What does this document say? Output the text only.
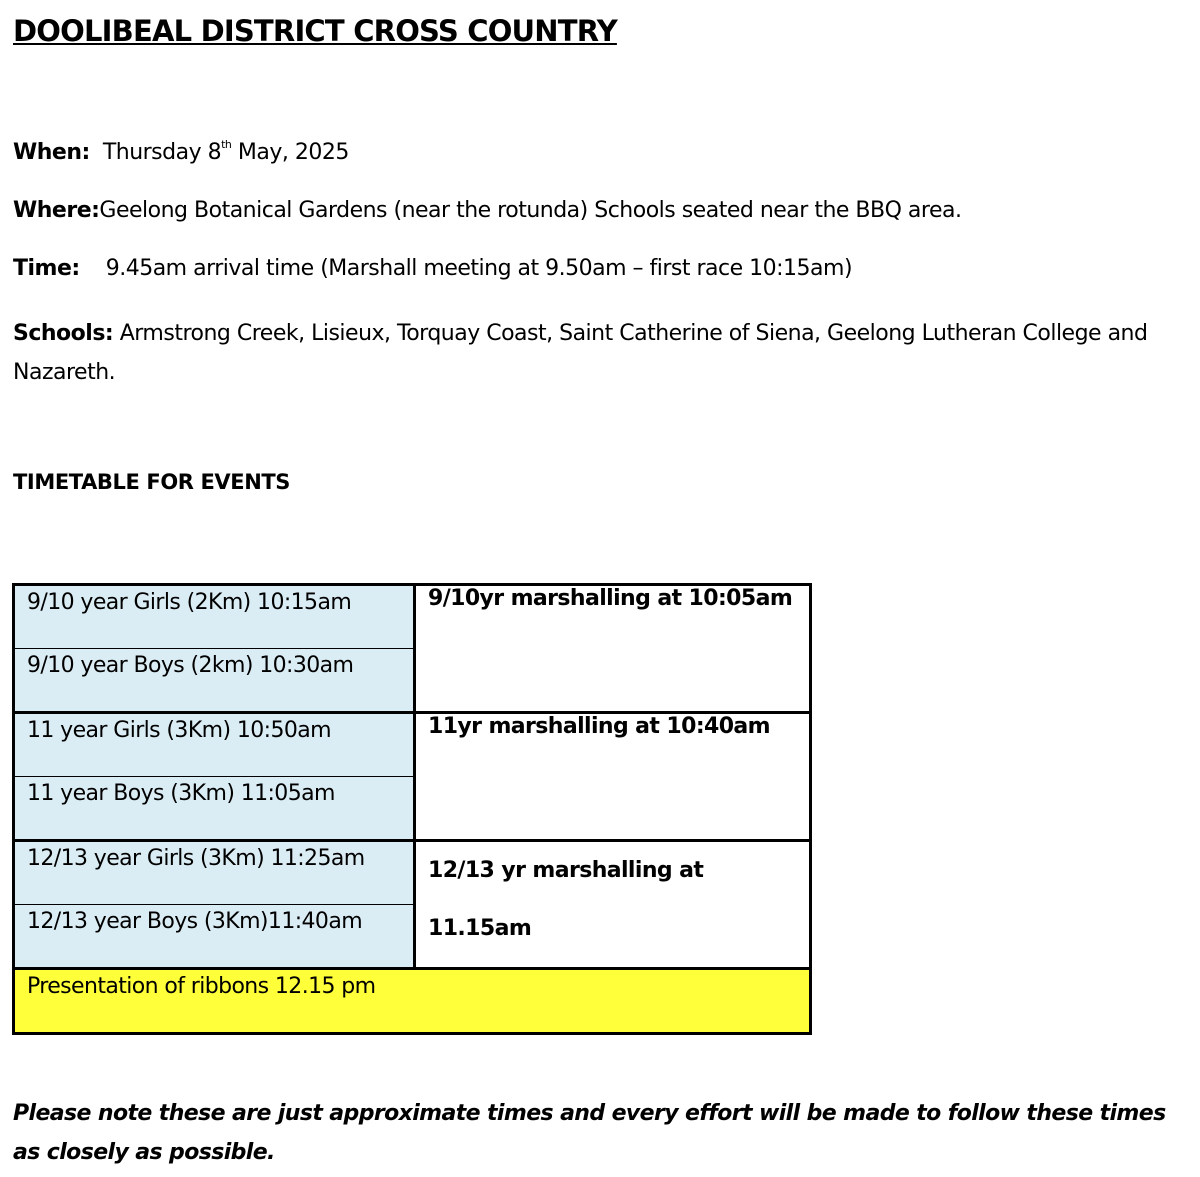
DOOLIBEAL DISTRICT CROSS COUNTRY
When: Thursday 8th May, 2025
Where:Geelong Botanical Gardens (near the rotunda) Schools seated near the BBQ area.
Time: 9.45am arrival time (Marshall meeting at 9.50am – first race 10:15am)
Schools: Armstrong Creek, Lisieux, Torquay Coast, Saint Catherine of Siena, Geelong Lutheran College and Nazareth.
TIMETABLE FOR EVENTS
9/10 year Girls (2Km) 10:15am	9/10yr marshalling at 10:05am
9/10 year Boys (2km) 10:30am	
11 year Girls (3Km) 10:50am	11yr marshalling at 10:40am
11 year Boys (3Km) 11:05am	
12/13 year Girls (3Km) 11:25am	12/13 yr marshalling at
11.15am

12/13 year Boys (3Km)11:40am	
Presentation of ribbons 12.15 pm	
Please note these are just approximate times and every effort will be made to follow these times as closely as possible.
